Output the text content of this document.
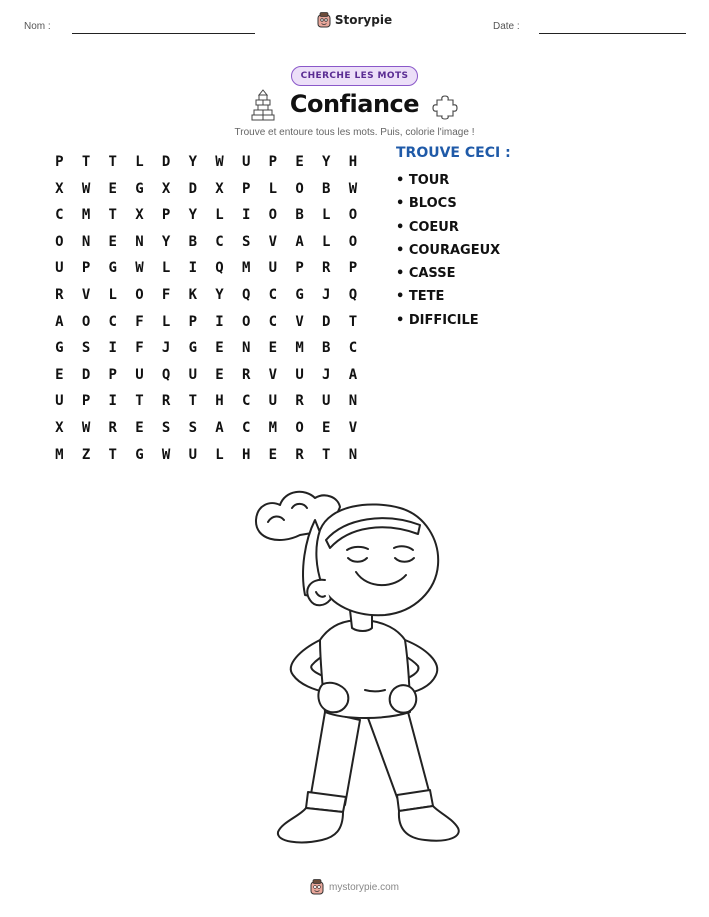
Nom :	Date :
Storypie
CHERCHE LES MOTS
Confiance
Trouve et entoure tous les mots. Puis, colorie l'image !
P	T	T	L	D	Y	W	U	P	E	Y	H
X	W	E	G	X	D	X	P	L	O	B	W
C	M	T	X	P	Y	L	I	O	B	L	O
O	N	E	N	Y	B	C	S	V	A	L	O
U	P	G	W	L	I	Q	M	U	P	R	P
R	V	L	O	F	K	Y	Q	C	G	J	Q
A	O	C	F	L	P	I	O	C	V	D	T
G	S	I	F	J	G	E	N	E	M	B	C
E	D	P	U	Q	U	E	R	V	U	J	A
U	P	I	T	R	T	H	C	U	R	U	N
X	W	R	E	S	S	A	C	M	O	E	V
M	Z	T	G	W	U	L	H	E	R	T	N
TROUVE CECI :
• TOUR
• BLOCS
• COEUR
• COURAGEUX
• CASSE
• TETE
• DIFFICILE
mystorypie.com
